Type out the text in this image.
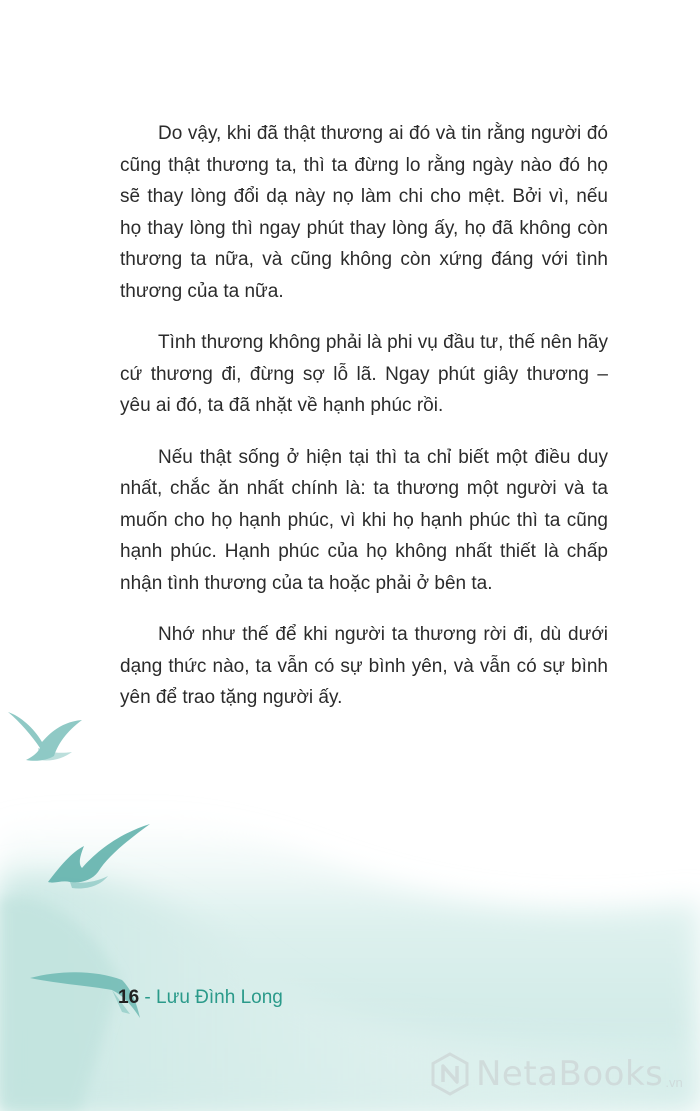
Do vậy, khi đã thật thương ai đó và tin rằng người đó cũng thật thương ta, thì ta đừng lo rằng ngày nào đó họ sẽ thay lòng đổi dạ này nọ làm chi cho mệt. Bởi vì, nếu họ thay lòng thì ngay phút thay lòng ấy, họ đã không còn thương ta nữa, và cũng không còn xứng đáng với tình thương của ta nữa.

Tình thương không phải là phi vụ đầu tư, thế nên hãy cứ thương đi, đừng sợ lỗ lã. Ngay phút giây thương – yêu ai đó, ta đã nhặt về hạnh phúc rồi.

Nếu thật sống ở hiện tại thì ta chỉ biết một điều duy nhất, chắc ăn nhất chính là: ta thương một người và ta muốn cho họ hạnh phúc, vì khi họ hạnh phúc thì ta cũng hạnh phúc. Hạnh phúc của họ không nhất thiết là chấp nhận tình thương của ta hoặc phải ở bên ta.

Nhớ như thế để khi người ta thương rời đi, dù dưới dạng thức nào, ta vẫn có sự bình yên, và vẫn có sự bình yên để trao tặng người ấy.

16 - Lưu Đình Long
NetaBooks .vn
